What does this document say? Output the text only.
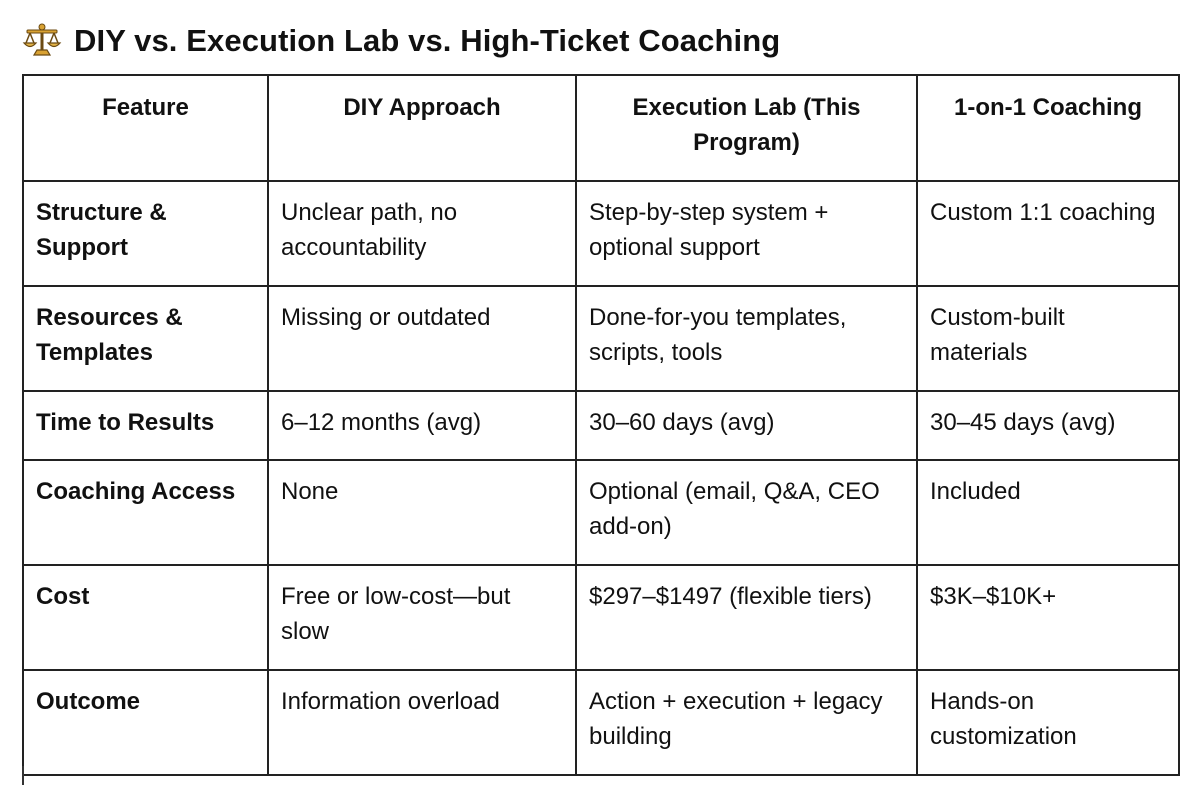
DIY vs. Execution Lab vs. High-Ticket Coaching
Feature	DIY Approach	Execution Lab (This Program)	1-on-1 Coaching
Structure & Support	Unclear path, no accountability	Step-by-step system + optional support	Custom 1:1 coaching
Resources & Templates	Missing or outdated	Done-for-you templates, scripts, tools	Custom-built materials
Time to Results	6–12 months (avg)	30–60 days (avg)	30–45 days (avg)
Coaching Access	None	Optional (email, Q&A, CEO add-on)	Included
Cost	Free or low-cost—but slow	$297–$1497 (flexible tiers)	$3K–$10K+
Outcome	Information overload	Action + execution + legacy building	Hands-on customization
